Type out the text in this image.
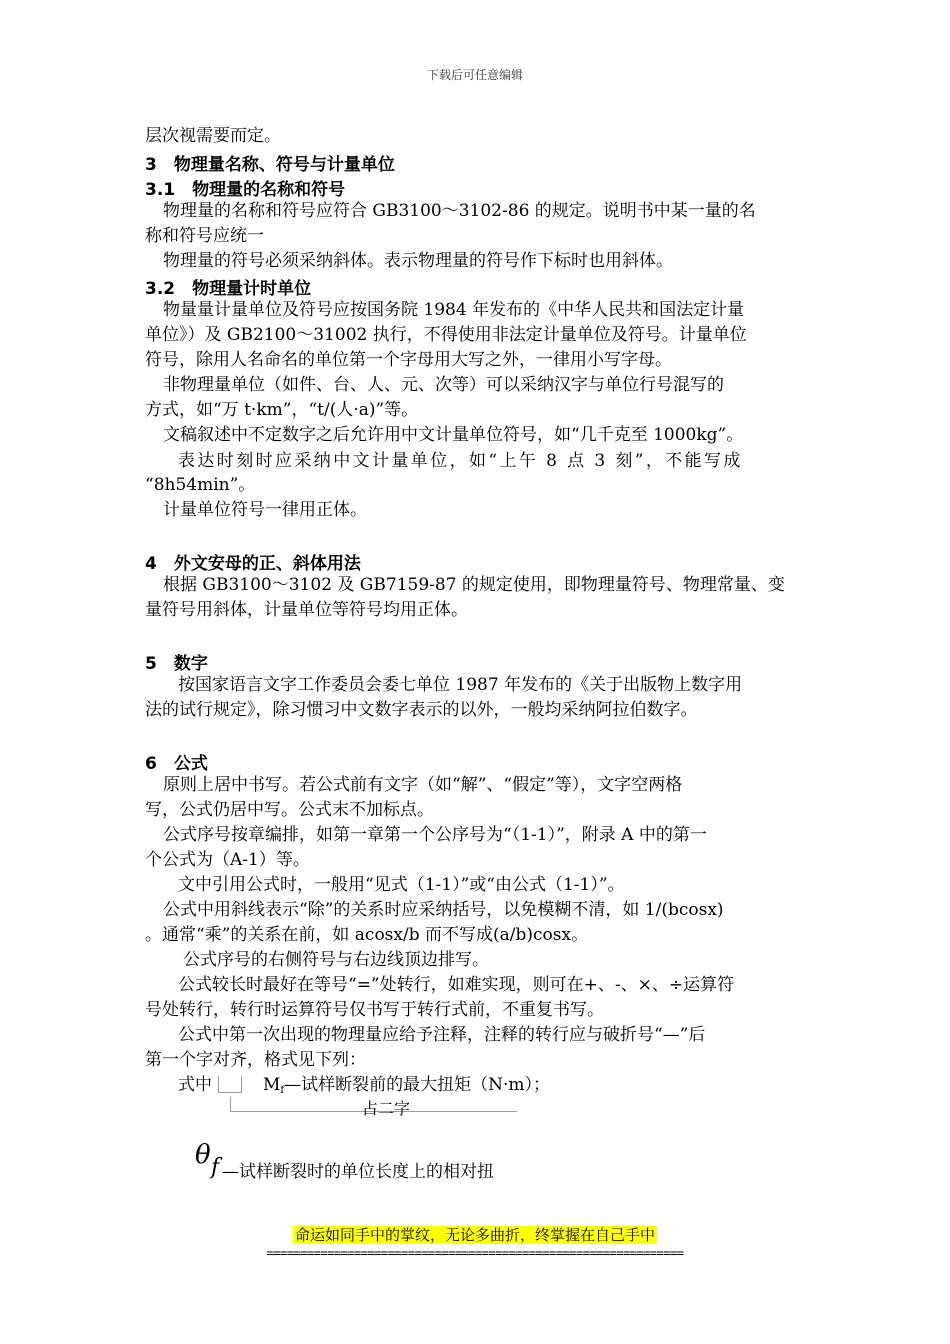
下载后可任意编辑
层次视需要而定。
3　物理量名称、符号与计量单位
3.1　物理量的名称和符号
物理量的名称和符号应符合 GB3100～3102-86 的规定。说明书中某一量的名
称和符号应统一
物理量的符号必须采纳斜体。表示物理量的符号作下标时也用斜体。
3.2　物理量计时单位
物量量计量单位及符号应按国务院 1984 年发布的《中华人民共和国法定计量
单位》）及 GB2100～31002 执行，不得使用非法定计量单位及符号。计量单位
符号，除用人名命名的单位第一个字母用大写之外，一律用小写字母。
非物理量单位（如件、台、人、元、次等）可以采纳汉字与单位行号混写的
方式，如“万 t·km”，“t/(人·a)”等。
文稿叙述中不定数字之后允许用中文计量单位符号，如“几千克至 1000kg”。
表达时刻时应采纳中文计量单位，如“上午 8 点 3 刻”，不能写成
“8h54min”。
计量单位符号一律用正体。
4　外文安母的正、斜体用法
根据 GB3100～3102 及 GB7159-87 的规定使用，即物理量符号、物理常量、变
量符号用斜体，计量单位等符号均用正体。
5　数字
按国家语言文字工作委员会委七单位 1987 年发布的《关于出版物上数字用
法的试行规定》，除习惯习中文数字表示的以外，一般均采纳阿拉伯数字。
6　公式
原则上居中书写。若公式前有文字（如“解”、“假定”等），文字空两格
写，公式仍居中写。公式末不加标点。
公式序号按章编排，如第一章第一个公序号为“（1-1）”，附录 A 中的第一
个公式为（A-1）等。
文中引用公式时，一般用“见式（1-1）”或“由公式（1-1）”。
公式中用斜线表示“除”的关系时应采纳括号，以免模糊不清，如 1/(bcosx)
。通常“乘”的关系在前，如 acosx/b 而不写成(a/b)cosx。
公式序号的右侧符号与右边线顶边排写。
公式较长时最好在等号“=”处转行，如难实现，则可在+、-、×、÷运算符
号处转行，转行时运算符号仅书写于转行式前，不重复书写。
公式中第一次出现的物理量应给予注释，注释的转行应与破折号“—”后
第一个字对齐，格式见下列：
式中	$M_f—$试样断裂前的最大扭矩（N·m）；
占二字
θ f —试样断裂时的单位长度上的相对扭
命运如同手中的掌纹，无论多曲折，终掌握在自己手中
==============================================================
